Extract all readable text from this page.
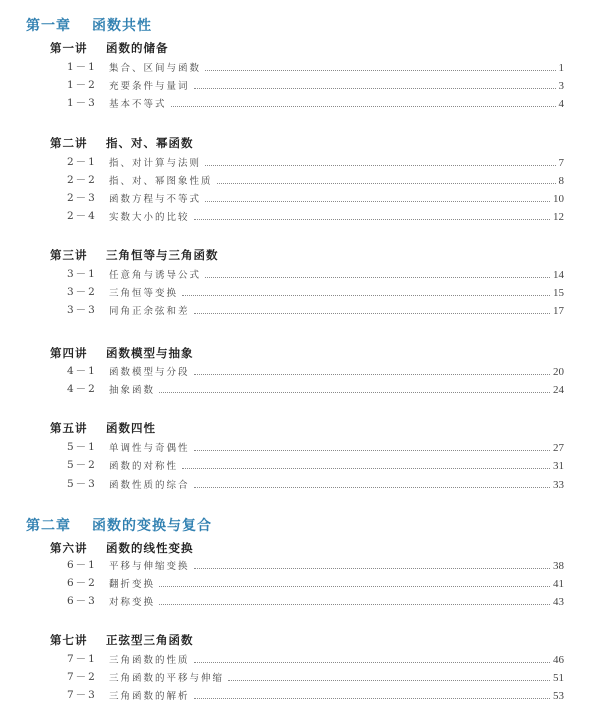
第一章 函数共性
第一讲 函数的储备
1－1	集合、区间与函数	1
1－2	充要条件与量词	3
1－3	基本不等式	4
第二讲 指、对、幂函数
2－1	指、对计算与法则	7
2－2	指、对、幂图象性质	8
2－3	函数方程与不等式	10
2－4	实数大小的比较	12
第三讲 三角恒等与三角函数
3－1	任意角与诱导公式	14
3－2	三角恒等变换	15
3－3	同角正余弦和差	17
第四讲 函数模型与抽象
4－1	函数模型与分段	20
4－2	抽象函数	24
第五讲 函数四性
5－1	单调性与奇偶性	27
5－2	函数的对称性	31
5－3	函数性质的综合	33
第二章 函数的变换与复合
第六讲 函数的线性变换
6－1	平移与伸缩变换	38
6－2	翻折变换	41
6－3	对称变换	43
第七讲 正弦型三角函数
7－1	三角函数的性质	46
7－2	三角函数的平移与伸缩	51
7－3	三角函数的解析	53
